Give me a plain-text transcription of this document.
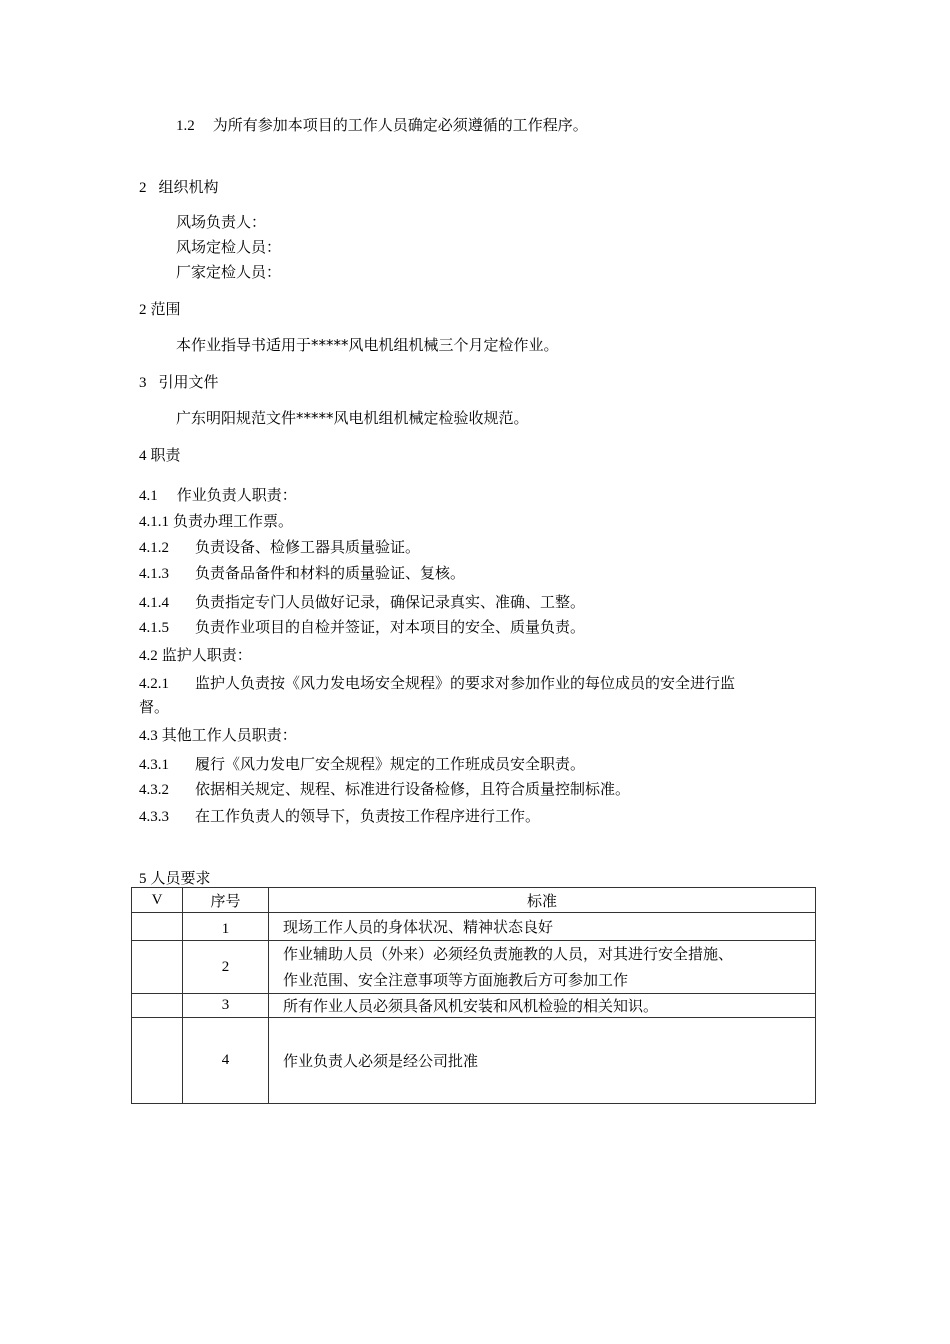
1.2 为所有参加本项目的工作人员确定必须遵循的工作程序。
2 组织机构
风场负责人：
风场定检人员：
厂家定检人员：
2 范围
本作业指导书适用于*****风电机组机械三个月定检作业。
3 引用文件
广东明阳规范文件*****风电机组机械定检验收规范。
4 职责
4.1 作业负责人职责：
4.1.1 负责办理工作票。
4.1.2 负责设备、检修工器具质量验证。
4.1.3 负责备品备件和材料的质量验证、复核。
4.1.4 负责指定专门人员做好记录，确保记录真实、准确、工整。
4.1.5 负责作业项目的自检并签证，对本项目的安全、质量负责。
4.2 监护人职责：
4.2.1 监护人负责按《风力发电场安全规程》的要求对参加作业的每位成员的安全进行监
督。
4.3 其他工作人员职责：
4.3.1 履行《风力发电厂安全规程》规定的工作班成员安全职责。
4.3.2 依据相关规定、规程、标准进行设备检修，且符合质量控制标准。
4.3.3 在工作负责人的领导下，负责按工作程序进行工作。
5 人员要求
V	序号	标准
	1	现场工作人员的身体状况、精神状态良好
	2	作业辅助人员（外来）必须经负责施教的人员，对其进行安全措施、
作业范围、安全注意事项等方面施教后方可参加工作

	3	所有作业人员必须具备风机安装和风机检验的相关知识。
	4	作业负责人必须是经公司批准
